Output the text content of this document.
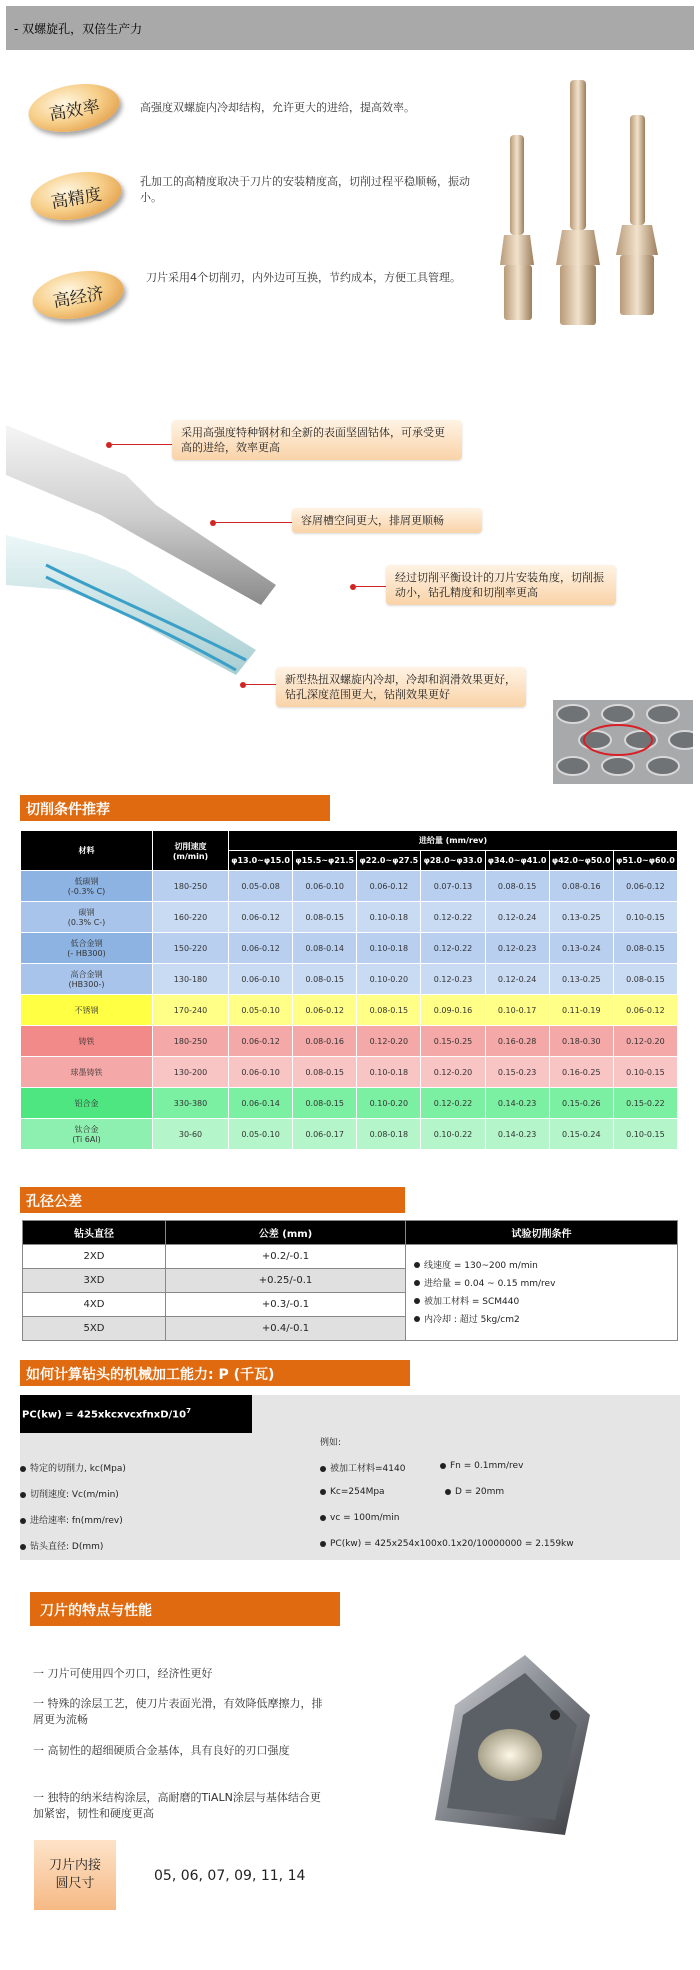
- 双螺旋孔，双倍生产力
高效率	高强度双螺旋内冷却结构，允许更大的进给，提高效率。
高精度
孔加工的高精度取决于刀片的安装精度高，切削过程平稳顺畅，振动小。
高经济
刀片采用4个切削刃，内外边可互换，节约成本，方便工具管理。
采用高强度特种钢材和全新的表面坚固钴体，可承受更高的进给，效率更高
容屑槽空间更大，排屑更顺畅
经过切削平衡设计的刀片安装角度，切削振动小，钻孔精度和切削率更高
新型热扭双螺旋内冷却，冷却和润滑效果更好，钻孔深度范围更大，钻削效果更好
切削条件推荐
材料	切削速度
(m/min)	进给量 (mm/rev)						
		φ13.0~φ15.0	φ15.5~φ21.5	φ22.0~φ27.5	φ28.0~φ33.0	φ34.0~φ41.0	φ42.0~φ50.0	φ51.0~φ60.0

低碳钢
(-0.3% C)	180-250	0.05-0.08	0.06-0.10	0.06-0.12	0.07-0.13	0.08-0.15	0.08-0.16	0.06-0.12

碳钢
(0.3% C-)	160-220	0.06-0.12	0.08-0.15	0.10-0.18	0.12-0.22	0.12-0.24	0.13-0.25	0.10-0.15

低合金钢
(- HB300)	150-220	0.06-0.12	0.08-0.14	0.10-0.18	0.12-0.22	0.12-0.23	0.13-0.24	0.08-0.15

高合金钢
(HB300-)	130-180	0.06-0.10	0.08-0.15	0.10-0.20	0.12-0.23	0.12-0.24	0.13-0.25	0.08-0.15

不锈钢	170-240	0.05-0.10	0.06-0.12	0.08-0.15	0.09-0.16	0.10-0.17	0.11-0.19	0.06-0.12

铸铁	180-250	0.06-0.12	0.08-0.16	0.12-0.20	0.15-0.25	0.16-0.28	0.18-0.30	0.12-0.20

球墨铸铁	130-200	0.06-0.10	0.08-0.15	0.10-0.18	0.12-0.20	0.15-0.23	0.16-0.25	0.10-0.15

铝合金	330-380	0.06-0.14	0.08-0.15	0.10-0.20	0.12-0.22	0.14-0.23	0.15-0.26	0.15-0.22

钛合金
(Ti 6Al)	30-60	0.05-0.10	0.06-0.17	0.08-0.18	0.10-0.22	0.14-0.23	0.15-0.24	0.10-0.15
孔径公差
钻头直径	公差 (mm)	试验切削条件
2XD	+0.2/-0.1	线速度 = 130~200 m/min
进给量 = 0.04 ~ 0.15 mm/rev
被加工材料 = SCM440
内冷却 : 超过 5kg/cm2

3XD	+0.25/-0.1	
4XD	+0.3/-0.1	
5XD	+0.4/-0.1	
如何计算钻头的机械加工能力: P (千瓦)
$PC(kw) = 425xkcxvcxfnxD/10^7$
例如:
特定的切削力, kc(Mpa)
切削速度: Vc(m/min)
进给速率: fn(mm/rev)
钻头直径: D(mm)
被加工材料=4140
Kc=254Mpa
vc = 100m/min
PC(kw) = 425x254x100x0.1x20/10000000 = 2.159kw
Fn = 0.1mm/rev
D = 20mm
刀片的特点与性能
一 刀片可使用四个刃口，经济性更好
一 特殊的涂层工艺，使刀片表面光滑，有效降低摩擦力，排屑更为流畅
一 高韧性的超细硬质合金基体，具有良好的刃口强度
一 独特的纳米结构涂层，高耐磨的TiALN涂层与基体结合更加紧密，韧性和硬度更高
刀片内接圆尺寸	05, 06, 07, 09, 11, 14
